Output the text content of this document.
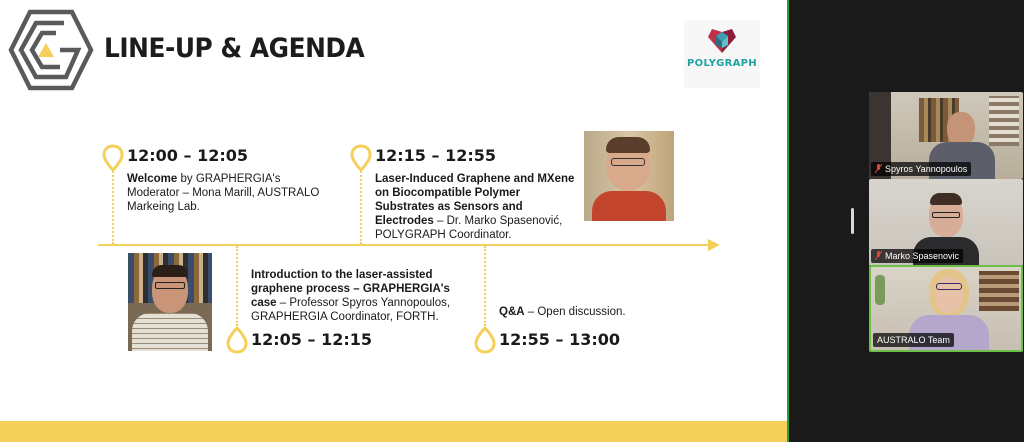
LINE-UP & AGENDA	POLYGRAPH
12:00 – 12:05
Welcome by GRAPHERGIA's Moderator – Mona Marill, AUSTRALO Markeing Lab.
12:15 – 12:55
Laser-Induced Graphene and MXene on Biocompatible Polymer Substrates as Sensors and Electrodes – Dr. Marko Spasenović, POLYGRAPH Coordinator.
Introduction to the laser-assisted graphene process – GRAPHERGIA's case – Professor Spyros Yannopoulos, GRAPHERGIA Coordinator, FORTH.
12:05 – 12:15
Q&A – Open discussion.
12:55 – 13:00
Spyros Yannopoulos
Marko Spasenovic
AUSTRALO Team
